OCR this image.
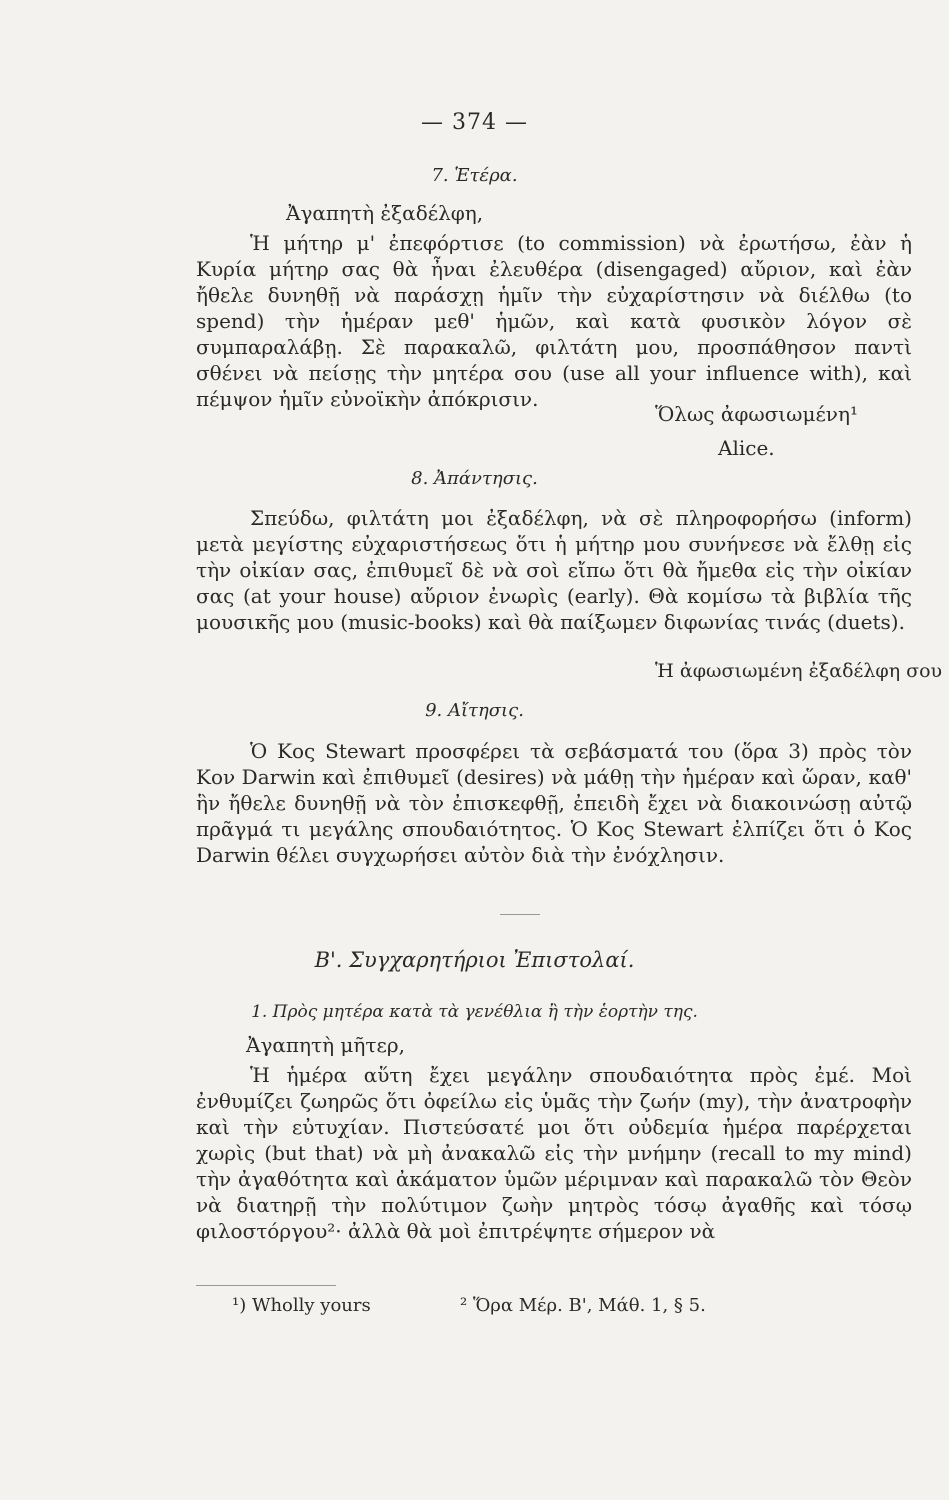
— 374 —
7. Ἑτέρα.

Ἀγαπητὴ ἐξαδέλφη,

Ἡ μήτηρ μ' ἐπεφόρτισε (to commission) νὰ ἐρωτήσω, ἐὰν ἡ Κυρία μήτηρ σας θὰ ἦναι ἐλευθέρα (disengaged) αὔριον, καὶ ἐὰν ἤθελε δυνηθῇ νὰ παράσχῃ ἡμῖν τὴν εὐχαρίστησιν νὰ διέλθω (to spend) τὴν ἡμέραν μεθ' ἡμῶν, καὶ κατὰ φυσικὸν λόγον σὲ συμπαραλάβῃ. Σὲ παρακαλῶ, φιλτάτη μου, προσπάθησον παντὶ σθένει νὰ πείσῃς τὴν μητέρα σου (use all your influence with), καὶ πέμψον ἡμῖν εὐνοϊκὴν ἀπόκρισιν.

Ὅλως ἀφωσιωμένη¹
Alice.
8. Ἀπάντησις.

Σπεύδω, φιλτάτη μοι ἐξαδέλφη, νὰ σὲ πληροφορήσω (inform) μετὰ μεγίστης εὐχαριστήσεως ὅτι ἡ μήτηρ μου συνήνεσε νὰ ἔλθῃ εἰς τὴν οἰκίαν σας, ἐπιθυμεῖ δὲ νὰ σοὶ εἴπω ὅτι θὰ ἤμεθα εἰς τὴν οἰκίαν σας (at your house) αὔριον ἐνωρὶς (early). Θὰ κομίσω τὰ βιβλία τῆς μουσικῆς μου (music-books) καὶ θὰ παίξωμεν διφωνίας τινάς (duets).

Ἡ ἀφωσιωμένη ἐξαδέλφη σου
9. Αἴτησις.

Ὁ Κος Stewart προσφέρει τὰ σεβάσματά του (ὅρα 3) πρὸς τὸν Κον Darwin καὶ ἐπιθυμεῖ (desires) νὰ μάθῃ τὴν ἡμέραν καὶ ὥραν, καθ' ἣν ἤθελε δυνηθῇ νὰ τὸν ἐπισκεφθῇ, ἐπειδὴ ἔχει νὰ διακοινώσῃ αὐτῷ πρᾶγμά τι μεγάλης σπουδαιότητος. Ὁ Κος Stewart ἐλπίζει ὅτι ὁ Κος Darwin θέλει συγχωρήσει αὐτὸν διὰ τὴν ἐνόχλησιν.

Β'. Συγχαρητήριοι Ἐπιστολαί.
1. Πρὸς μητέρα κατὰ τὰ γενέθλια ἢ τὴν ἑορτὴν της.

Ἀγαπητὴ μῆτερ,

Ἡ ἡμέρα αὕτη ἔχει μεγάλην σπουδαιότητα πρὸς ἐμέ. Μοὶ ἐνθυμίζει ζωηρῶς ὅτι ὀφείλω εἰς ὑμᾶς τὴν ζωήν (my), τὴν ἀνατροφὴν καὶ τὴν εὐτυχίαν. Πιστεύσατέ μοι ὅτι οὐδεμία ἡμέρα παρέρχεται χωρὶς (but that) νὰ μὴ ἀνακαλῶ εἰς τὴν μνήμην (recall to my mind) τὴν ἀγαθότητα καὶ ἀκάματον ὑμῶν μέριμναν καὶ παρακαλῶ τὸν Θεὸν νὰ διατηρῇ τὴν πολύτιμον ζωὴν μητρὸς τόσῳ ἀγαθῆς καὶ τόσῳ φιλοστόργου²· ἀλλὰ θὰ μοὶ ἐπιτρέψητε σήμερον νὰ

¹) Wholly yours	² Ὅρα Μέρ. Β', Μάθ. 1, § 5.
